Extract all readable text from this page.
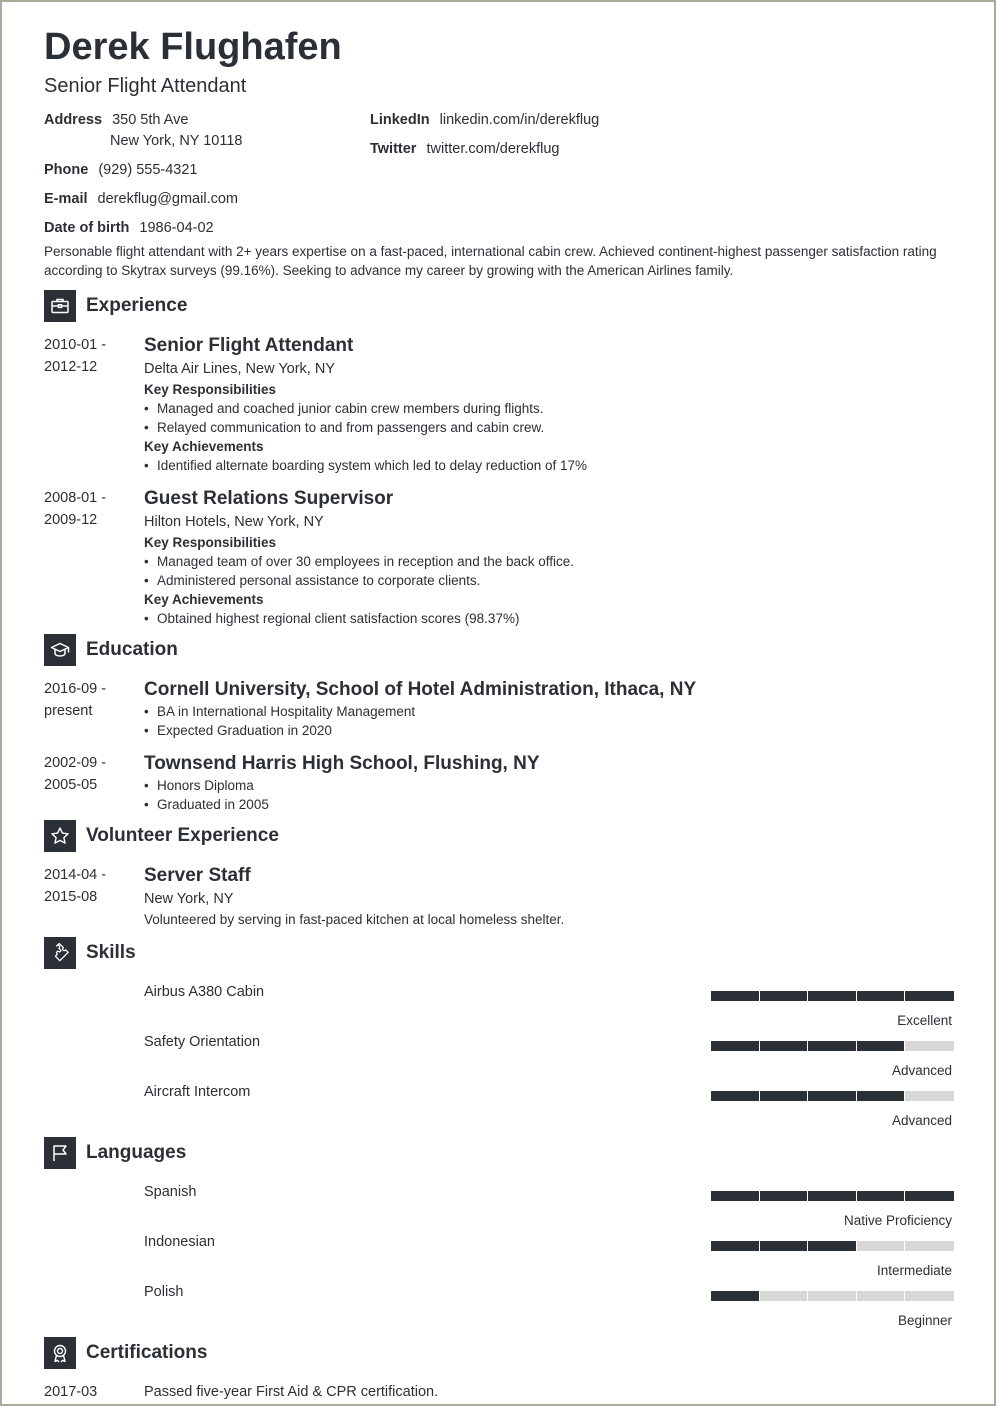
Derek Flughafen
Senior Flight Attendant
Address 350 5th Ave
New York, NY 10118
Phone (929) 555-4321
E-mail derekflug@gmail.com
Date of birth 1986-04-02
LinkedIn linkedin.com/in/derekflug
Twitter twitter.com/derekflug
Personable flight attendant with 2+ years expertise on a fast-paced, international cabin crew. Achieved continent-highest passenger satisfaction rating according to Skytrax surveys (99.16%). Seeking to advance my career by growing with the American Airlines family.
Experience
2010-01 -
2012-12
Senior Flight Attendant
Delta Air Lines, New York, NY
Key Responsibilities
• Managed and coached junior cabin crew members during flights.
• Relayed communication to and from passengers and cabin crew.
Key Achievements
• Identified alternate boarding system which led to delay reduction of 17%
2008-01 -
2009-12
Guest Relations Supervisor
Hilton Hotels, New York, NY
Key Responsibilities
• Managed team of over 30 employees in reception and the back office.
• Administered personal assistance to corporate clients.
Key Achievements
• Obtained highest regional client satisfaction scores (98.37%)
Education
2016-09 -
present
Cornell University, School of Hotel Administration, Ithaca, NY
• BA in International Hospitality Management
• Expected Graduation in 2020
2002-09 -
2005-05
Townsend Harris High School, Flushing, NY
• Honors Diploma
• Graduated in 2005
Volunteer Experience
2014-04 -
2015-08
Server Staff
New York, NY
Volunteered by serving in fast-paced kitchen at local homeless shelter.
Skills
Airbus A380 Cabin
Excellent
Safety Orientation
Advanced
Aircraft Intercom
Advanced
Languages
Spanish
Native Proficiency
Indonesian
Intermediate
Polish
Beginner
Certifications
2017-03	Passed five-year First Aid & CPR certification.
